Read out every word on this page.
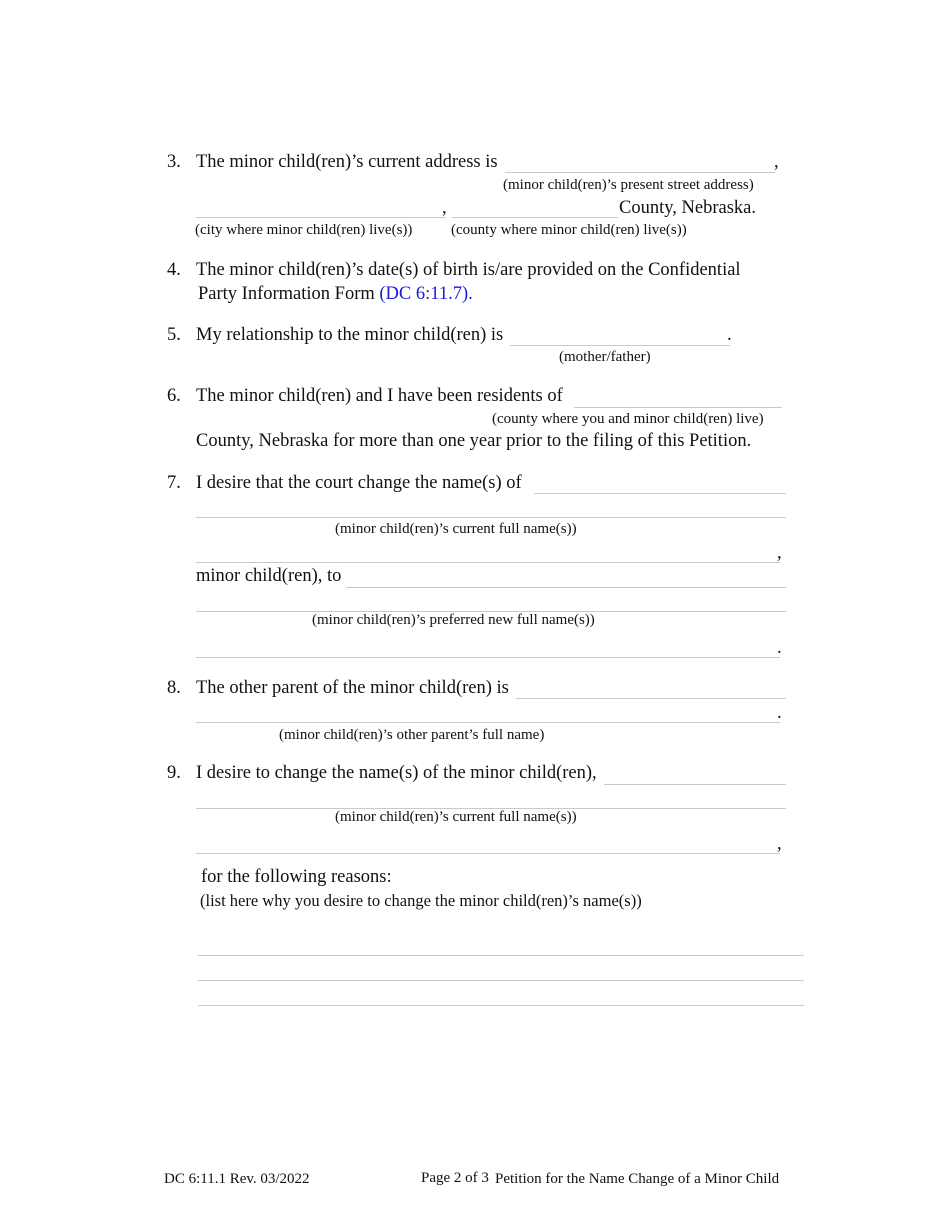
3. The minor child(ren)’s current address is	,
(minor child(ren)’s present street address)
,	County, Nebraska.
(city where minor child(ren) live(s))	(county where minor child(ren) live(s))
4. The minor child(ren)’s date(s) of birth is/are provided on the Confidential
Party Information Form (DC 6:11.7).
5. My relationship to the minor child(ren) is	.
(mother/father)
6. The minor child(ren) and I have been residents of
(county where you and minor child(ren) live)
County, Nebraska for more than one year prior to the filing of this Petition.
7. I desire that the court change the name(s) of
(minor child(ren)’s current full name(s))
,
minor child(ren), to
(minor child(ren)’s preferred new full name(s))
.
8. The other parent of the minor child(ren) is
.
(minor child(ren)’s other parent’s full name)
9. I desire to change the name(s) of the minor child(ren),
(minor child(ren)’s current full name(s))
,
for the following reasons:
(list here why you desire to change the minor child(ren)’s name(s))
DC 6:11.1 Rev. 03/2022	Page 2 of 3 Petition for the Name Change of a Minor Child
